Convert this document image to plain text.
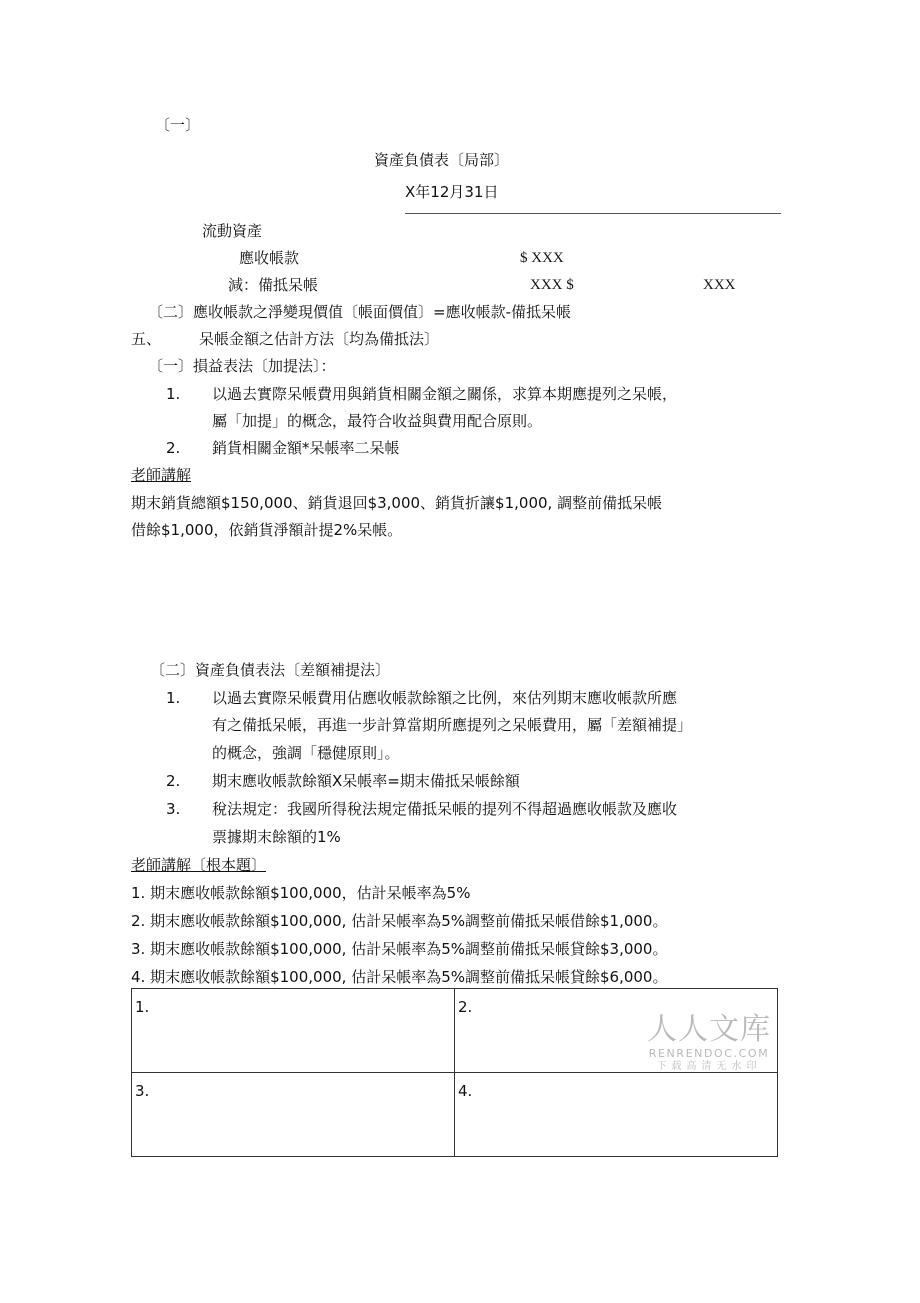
〔一〕
資產負債表〔局部〕
X年12月31日
流動資產
應收帳款	$ XXX
減：備抵呆帳	XXX $	XXX
〔二〕應收帳款之淨變現價值〔帳面價值〕=應收帳款-備抵呆帳
五、	呆帳金額之估計方法〔均為備抵法〕
〔一〕損益表法〔加提法〕：
1. 以過去實際呆帳費用與銷貨相關金額之關係，求算本期應提列之呆帳，
屬「加提」的概念，最符合收益與費用配合原則。
2. 銷貨相關金額*呆帳率二呆帳
老師講解
期末銷貨總額$150,000、銷貨退回$3,000、銷貨折讓$1,000, 調整前備抵呆帳
借餘$1,000，依銷貨淨額計提2%呆帳。
〔二〕資產負債表法〔差額補提法〕
1. 以過去實際呆帳費用佔應收帳款餘額之比例，來估列期末應收帳款所應
有之備抵呆帳，再進一步計算當期所應提列之呆帳費用，屬「差額補提」
的概念，強調「穩健原則」。
2. 期末應收帳款餘額X呆帳率=期末備抵呆帳餘額
3. 稅法規定：我國所得稅法規定備抵呆帳的提列不得超過應收帳款及應收
票據期末餘額的1%
老師講解〔根本題〕
1. 期末應收帳款餘額$100,000，估計呆帳率為5%
2. 期末應收帳款餘額$100,000, 估計呆帳率為5%調整前備抵呆帳借餘$1,000。
3. 期末應收帳款餘額$100,000, 估計呆帳率為5%調整前備抵呆帳貸餘$3,000。
4. 期末應收帳款餘額$100,000, 估計呆帳率為5%調整前備抵呆帳貸餘$6,000。
1.	2.
3.	4.
人人文库
RENRENDOC.COM
下载高清无水印
